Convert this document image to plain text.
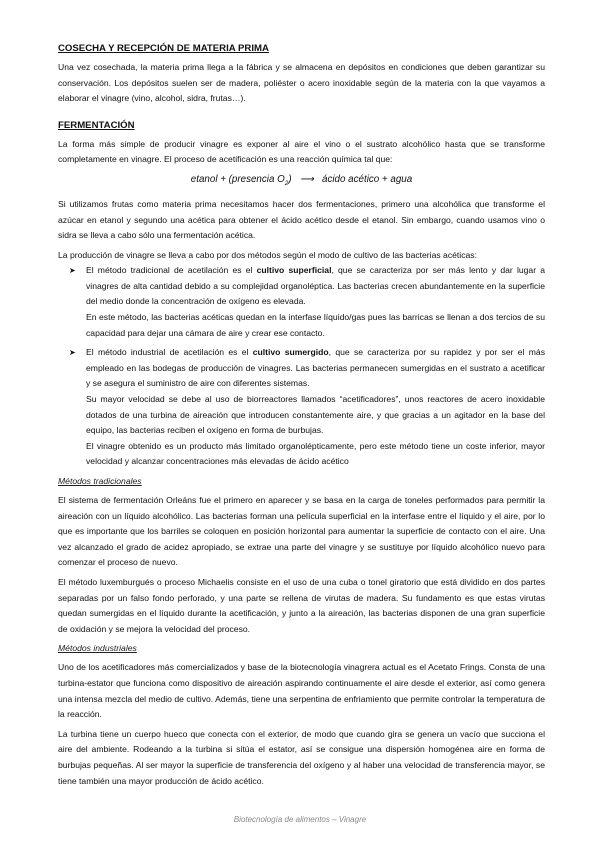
COSECHA Y RECEPCIÓN DE MATERIA PRIMA

Una vez cosechada, la materia prima llega a la fábrica y se almacena en depósitos en condiciones que deben garantizar su conservación. Los depósitos suelen ser de madera, poliéster o acero inoxidable según de la materia con la que vayamos a elaborar el vinagre (vino, alcohol, sidra, frutas…).

FERMENTACIÓN

La forma más simple de producir vinagre es exponer al aire el vino o el sustrato alcohólico hasta que se transforme completamente en vinagre. El proceso de acetificación es una reacción química tal que:

etanol + (presencia $O_2$) ⟶ ácido acético + agua

Si utilizamos frutas como materia prima necesitamos hacer dos fermentaciones, primero una alcohólica que transforme el azúcar en etanol y segundo una acética para obtener el ácido acético desde el etanol. Sin embargo, cuando usamos vino o sidra se lleva a cabo sólo una fermentación acética.

La producción de vinagre se lleva a cabo por dos métodos según el modo de cultivo de las bacterias acéticas:

➤ El método tradicional de acetilación es el cultivo superficial, que se caracteriza por ser más lento y dar lugar a vinagres de alta cantidad debido a su complejidad organoléptica. Las bacterias crecen abundantemente en la superficie del medio donde la concentración de oxígeno es elevada.

En este método, las bacterias acéticas quedan en la interfase líquido/gas pues las barricas se llenan a dos tercios de su capacidad para dejar una cámara de aire y crear ese contacto.

➤ El método industrial de acetilación es el cultivo sumergido, que se caracteriza por su rapidez y por ser el más empleado en las bodegas de producción de vinagres. Las bacterias permanecen sumergidas en el sustrato a acetificar y se asegura el suministro de aire con diferentes sistemas.

Su mayor velocidad se debe al uso de biorreactores llamados “acetificadores”, unos reactores de acero inoxidable dotados de una turbina de aireación que introducen constantemente aire, y que gracias a un agitador en la base del equipo, las bacterias reciben el oxígeno en forma de burbujas.

El vinagre obtenido es un producto más limitado organolépticamente, pero este método tiene un coste inferior, mayor velocidad y alcanzar concentraciones más elevadas de ácido acético

Métodos tradicionales

El sistema de fermentación Orleáns fue el primero en aparecer y se basa en la carga de toneles performados para permitir la aireación con un líquido alcohólico. Las bacterias forman una película superficial en la interfase entre el líquido y el aire, por lo que es importante que los barriles se coloquen en posición horizontal para aumentar la superficie de contacto con el aire. Una vez alcanzado el grado de acidez apropiado, se extrae una parte del vinagre y se sustituye por líquido alcohólico nuevo para comenzar el proceso de nuevo.

El método luxemburgués o proceso Michaelis consiste en el uso de una cuba o tonel giratorio que está dividido en dos partes separadas por un falso fondo perforado, y una parte se rellena de virutas de madera. Su fundamento es que estas virutas quedan sumergidas en el líquido durante la acetificación, y junto a la aireación, las bacterias disponen de una gran superficie de oxidación y se mejora la velocidad del proceso.

Métodos industriales

Uno de los acetificadores más comercializados y base de la biotecnología vinagrera actual es el Acetato Frings. Consta de una turbina-estator que funciona como dispositivo de aireación aspirando continuamente el aire desde el exterior, así como genera una intensa mezcla del medio de cultivo. Además, tiene una serpentina de enfriamiento que permite controlar la temperatura de la reacción.

La turbina tiene un cuerpo hueco que conecta con el exterior, de modo que cuando gira se genera un vacío que succiona el aire del ambiente. Rodeando a la turbina si sitúa el estator, así se consigue una dispersión homogénea aire en forma de burbujas pequeñas. Al ser mayor la superficie de transferencia del oxígeno y al haber una velocidad de transferencia mayor, se tiene también una mayor producción de ácido acético.

Biotecnología de alimentos – Vinagre
